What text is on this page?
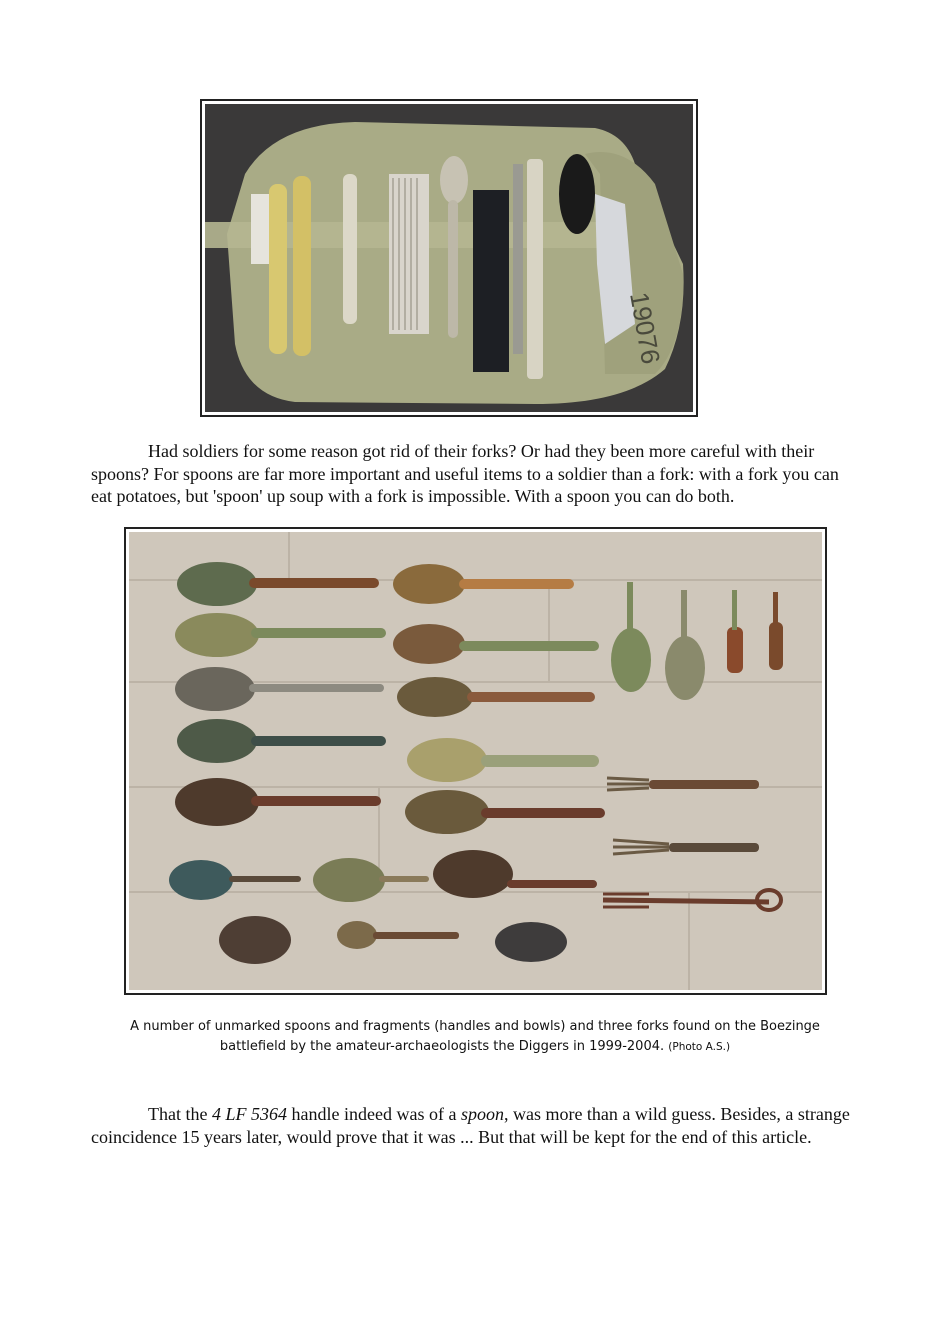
19076

Had soldiers for some reason got rid of their forks? Or had they been more careful with their spoons? For spoons are far more important and useful items to a soldier than a fork: with a fork you can eat potatoes, but 'spoon' up soup with a fork is impossible. With a spoon you can do both.

A number of unmarked spoons and fragments (handles and bowls) and three forks found on the Boezinge battlefield by the amateur-archaeologists the Diggers in 1999-2004. (Photo A.S.)

That the 4 LF 5364 handle indeed was of a spoon, was more than a wild guess. Besides, a strange coincidence 15 years later, would prove that it was ... But that will be kept for the end of this article.
